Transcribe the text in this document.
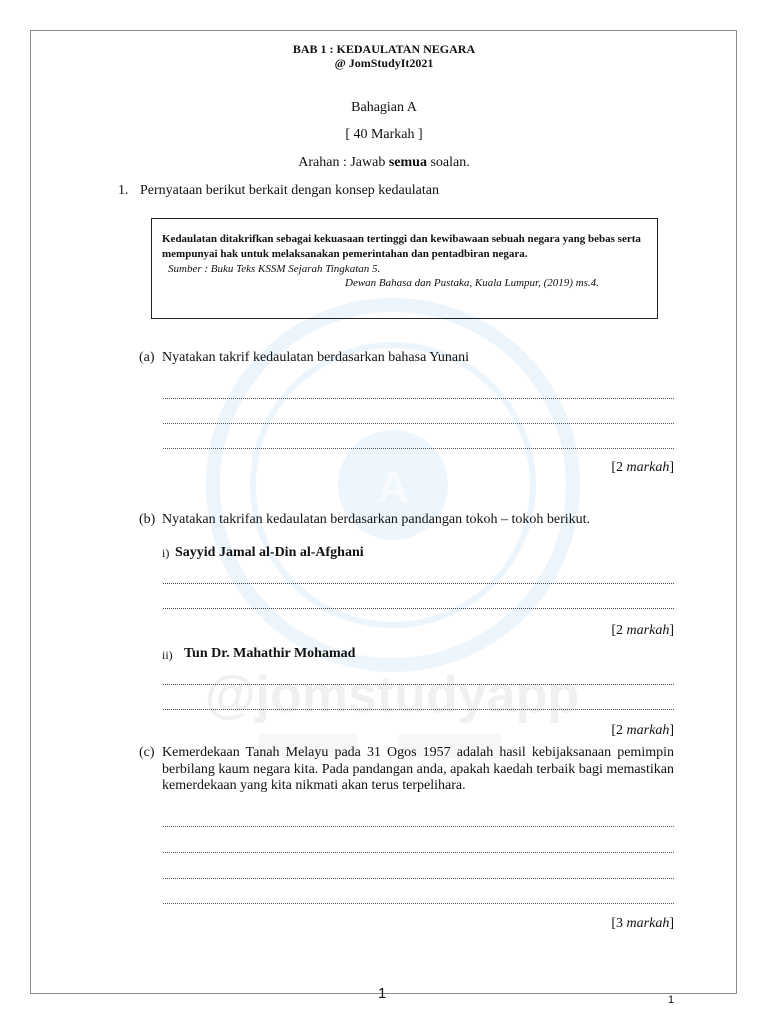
A
@jomstudyapp
BAB 1 : KEDAULATAN NEGARA
@ JomStudyIt2021
Bahagian A
[ 40 Markah ]
Arahan : Jawab semua soalan.
1. Pernyataan berikut berkait dengan konsep kedaulatan
Kedaulatan ditakrifkan sebagai kekuasaan tertinggi dan kewibawaan sebuah negara yang bebas serta mempunyai hak untuk melaksanakan pemerintahan dan pentadbiran negara.
Sumber : Buku Teks KSSM Sejarah Tingkatan 5.
Dewan Bahasa dan Pustaka, Kuala Lumpur, (2019) ms.4.
(a) Nyatakan takrif kedaulatan berdasarkan bahasa Yunani
[2 markah]
(b) Nyatakan takrifan kedaulatan berdasarkan pandangan tokoh – tokoh berikut.
i) Sayyid Jamal al-Din al-Afghani
[2 markah]
ii) Tun Dr. Mahathir Mohamad
[2 markah]
(c) Kemerdekaan Tanah Melayu pada 31 Ogos 1957 adalah hasil kebijaksanaan pemimpin berbilang kaum negara kita. Pada pandangan anda, apakah kaedah terbaik bagi memastikan kemerdekaan yang kita nikmati akan terus terpelihara.
[3 markah]
1	1
